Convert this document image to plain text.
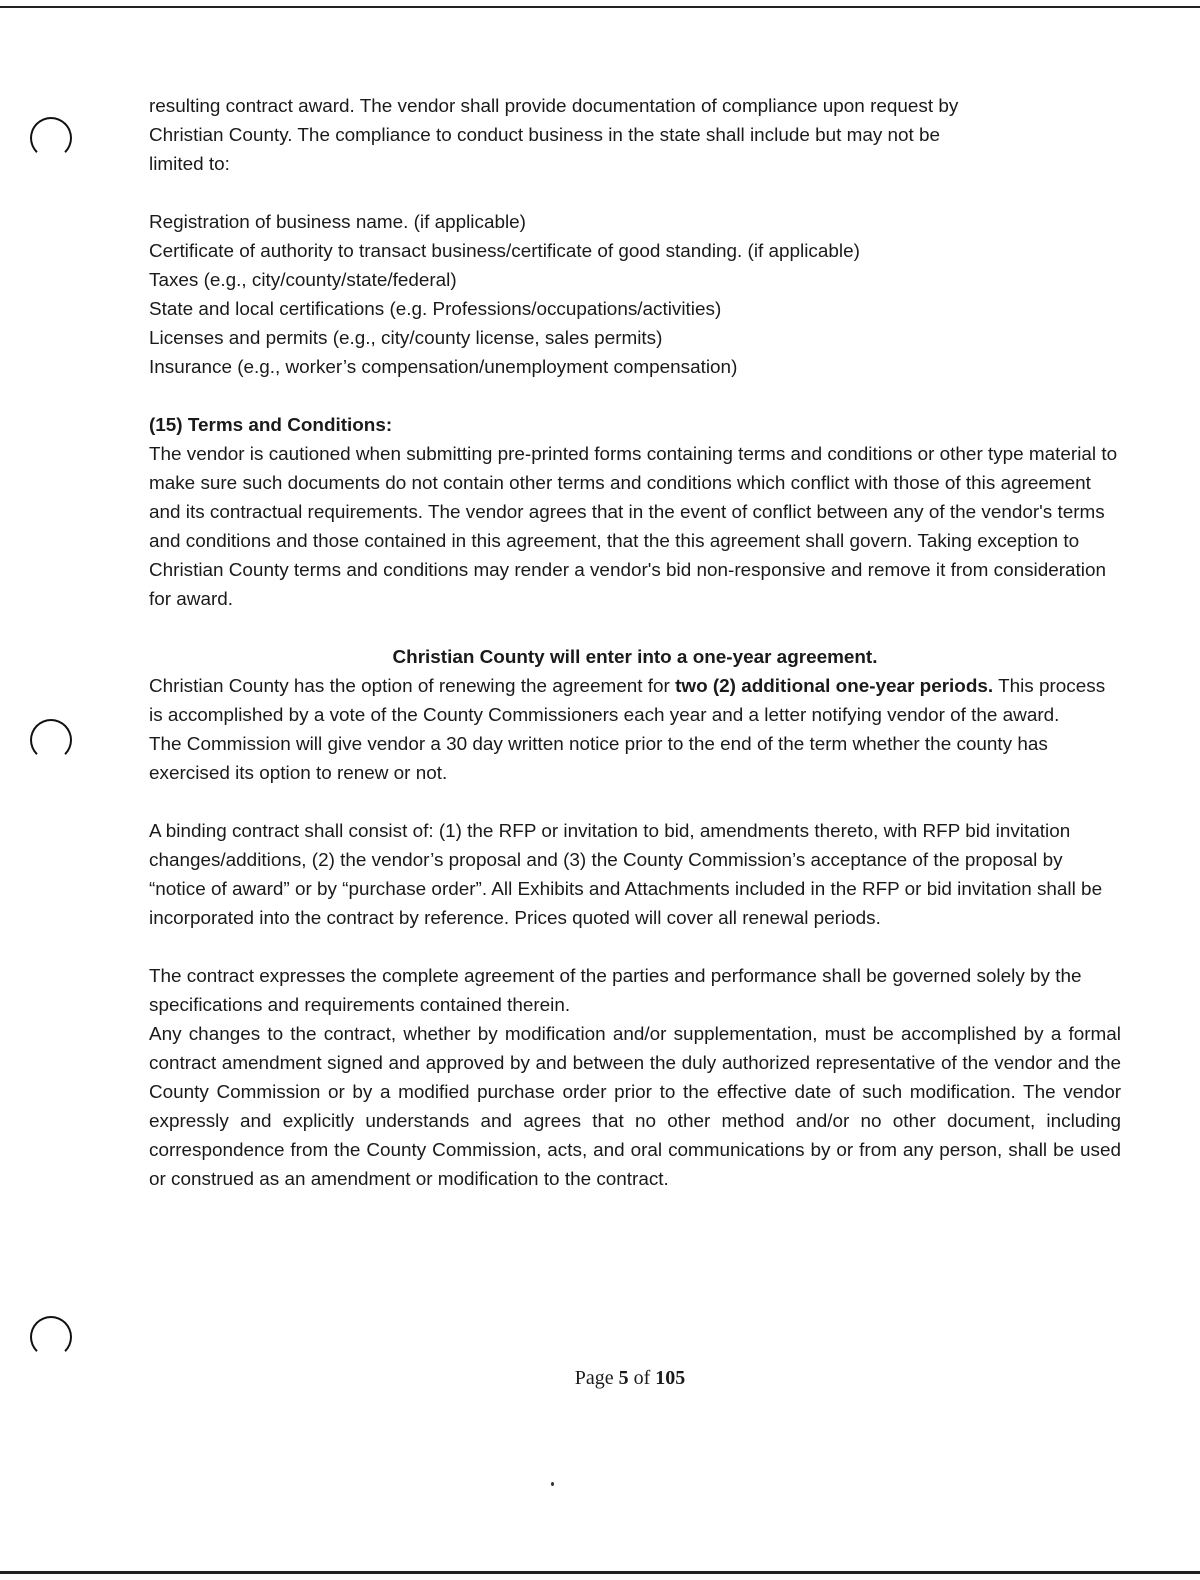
resulting contract award. The vendor shall provide documentation of compliance upon request by

Christian County. The compliance to conduct business in the state shall include but may not be

limited to:

Registration of business name. (if applicable)

Certificate of authority to transact business/certificate of good standing. (if applicable)

Taxes (e.g., city/county/state/federal)

State and local certifications (e.g. Professions/occupations/activities)

Licenses and permits (e.g., city/county license, sales permits)

Insurance (e.g., worker’s compensation/unemployment compensation)

(15) Terms and Conditions:

The vendor is cautioned when submitting pre-printed forms containing terms and conditions or other type material to make sure such documents do not contain other terms and conditions which conflict with those of this agreement and its contractual requirements. The vendor agrees that in the event of conflict between any of the vendor's terms and conditions and those contained in this agreement, that the this agreement shall govern. Taking exception to Christian County terms and conditions may render a vendor's bid non-responsive and remove it from consideration for award.

Christian County will enter into a one-year agreement.

Christian County has the option of renewing the agreement for two (2) additional one-year periods. This process is accomplished by a vote of the County Commissioners each year and a letter notifying vendor of the award.

The Commission will give vendor a 30 day written notice prior to the end of the term whether the county has exercised its option to renew or not.

A binding contract shall consist of: (1) the RFP or invitation to bid, amendments thereto, with RFP bid invitation changes/additions, (2) the vendor’s proposal and (3) the County Commission’s acceptance of the proposal by “notice of award” or by “purchase order”. All Exhibits and Attachments included in the RFP or bid invitation shall be incorporated into the contract by reference. Prices quoted will cover all renewal periods.

The contract expresses the complete agreement of the parties and performance shall be governed solely by the specifications and requirements contained therein.

Any changes to the contract, whether by modification and/or supplementation, must be accomplished by a formal contract amendment signed and approved by and between the duly authorized representative of the vendor and the County Commission or by a modified purchase order prior to the effective date of such modification. The vendor expressly and explicitly understands and agrees that no other method and/or no other document, including correspondence from the County Commission, acts, and oral communications by or from any person, shall be used or construed as an amendment or modification to the contract.

Page 5 of 105
